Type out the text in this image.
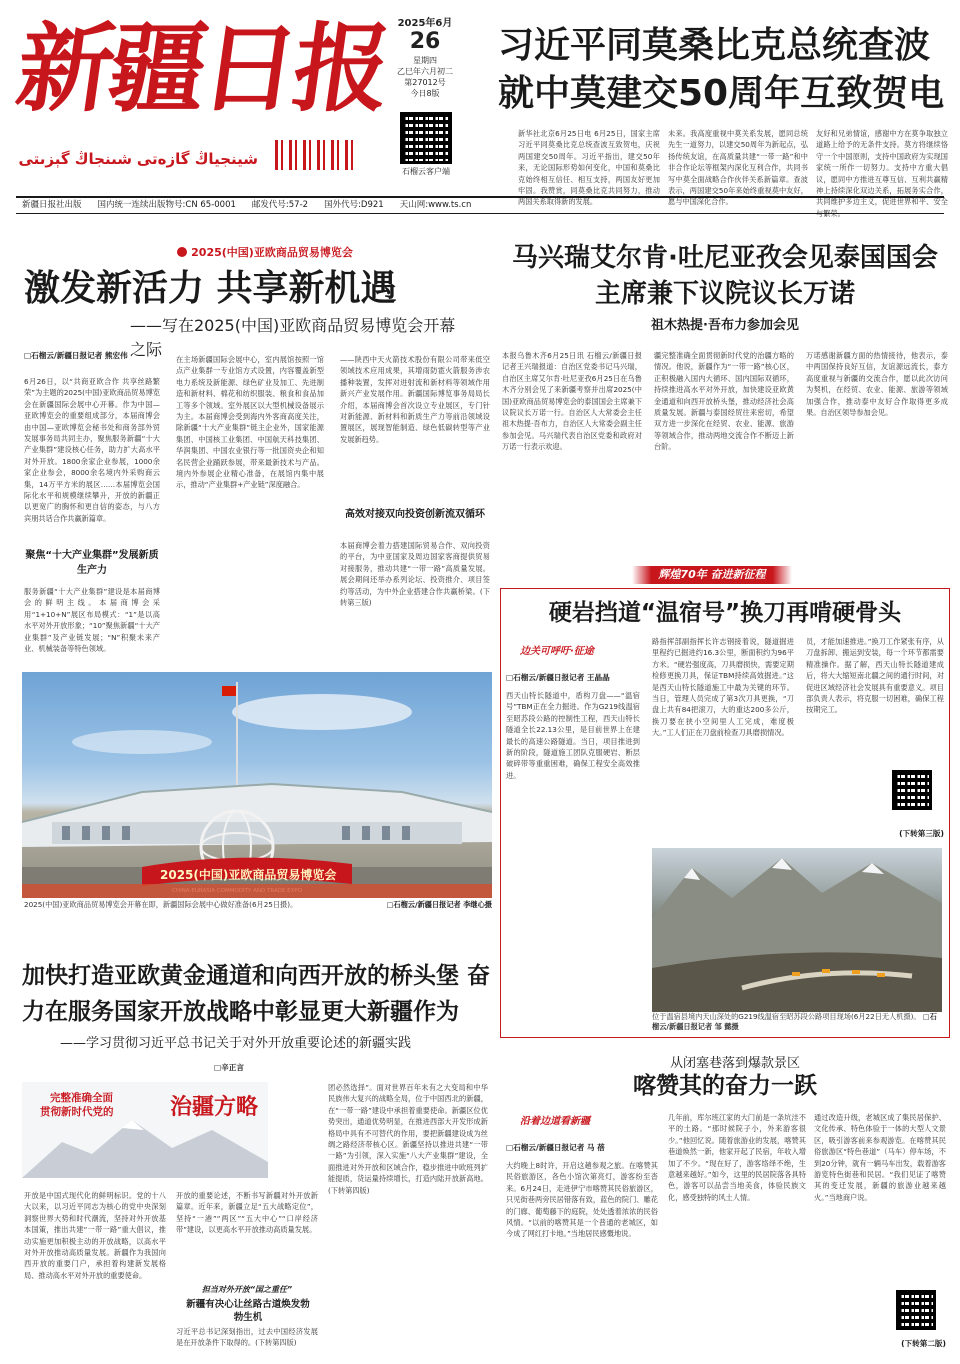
新疆日报
شىنجاڭ گېزىتى شينجياڭ گازەتى
2025年6月
26
星期四
乙巳年六月初二
第27012号
今日8版
石榴云客户端
习近平同莫桑比克总统查波就中莫建交50周年互致贺电
新华社北京6月25日电 6月25日，国家主席习近平同莫桑比克总统查波互致贺电，庆祝两国建交50周年。习近平指出，建交50年来，无论国际形势如何变化，中国和莫桑比克始终相互信任、相互支持，两国友好更加牢固。我赞赏，同莫桑比克共同努力，推动两国关系取得新的发展。
未来。我高度重视中莫关系发展，愿同总统先生一道努力，以建交50周年为新起点，弘扬传统友谊，在高质量共建“一带一路”和中非合作论坛等框架内深化互利合作，共同书写中莫全面战略合作伙伴关系新篇章。查波表示，两国建交50年来始终重视莫中友好，愿与中国深化合作。
友好和兄弟情谊，感谢中方在莫争取独立道路上给予的无条件支持。莫方将继续恪守一个中国原则，支持中国政府为实现国家统一所作一切努力。支持中方重大倡议，愿同中方推进互尊互信、互利共赢精神上持续深化双边关系，拓展务实合作，共同维护多边主义，促进世界和平、安全与繁荣。
新疆日报社出版 国内统一连续出版物号:CN 65-0001 邮发代号:57-2 国外代号:D921 天山网:www.ts.cn
2025(中国)亚欧商品贸易博览会
激发新活力 共享新机遇
——写在2025(中国)亚欧商品贸易博览会开幕之际
□石榴云/新疆日报记者 熊宏伟
6月26日，以“共商亚欧合作 共享丝路繁荣”为主题的2025(中国)亚欧商品贸易博览会在新疆国际会展中心开幕。作为中国—亚欧博览会的重要组成部分，本届商博会由中国—亚欧博览会秘书处和商务部外贸发展事务局共同主办，聚焦服务新疆“十大产业集群”建设核心任务，助力扩大高水平对外开放。1800余家企业参展，1000余家企业参会，8000余名境内外采购商云集，14万平方米的展区……本届博览会国际化水平和规模继续攀升，开放的新疆正以更宽广的胸怀和更自信的姿态，与八方宾朋共话合作共赢新篇章。
聚焦“十大产业集群”发展新质生产力
服务新疆“十大产业集群”建设是本届商博会的鲜明主线。本届商博会采用“1+10+N”展区布局模式：“1”是以高水平对外开放形象；“10”聚焦新疆“十大产业集群”及产业链发展；“N”积聚未来产业、机械装备等特色领域。
在主场新疆国际会展中心，室内展馆按照一馆点产业集群一专业馆方式设置，内容覆盖新型电力系统及新能源、绿色矿业及加工、先进制造和新材料、棉花和纺织服装、粮食和食品加工等多个领域。室外展区以大型机械设备展示为主。本届商博会受到海内外客商高度关注，除新疆“十大产业集群”链主企业外，国家能源集团、中国核工业集团、中国航天科技集团、华润集团、中国农业银行等一批国资央企和知名民营企业踊跃参展，带来最新技术与产品。境内外参展企业精心准备，在展馆内集中展示，推动“产业集群+产业链”深度融合。
——陕西中天火箭技术股份有限公司带来低空领域技术应用成果，其增雨防雹火箭服务涉农播种装置，发挥对进射流和新材料等领域作用新兴产业发展作用。新疆国际博览事务局局长介绍，本届商博会首次设立专业展区，专门针对新能源、新材料和新质生产力等前沿领域设置展区，展现智能制造、绿色低碳转型等产业发展新趋势。
高效对接双向投资创新流双循环
本届商博会着力搭建国际贸易合作、双向投资的平台，为中亚国家及周边国家客商提供贸易对接服务，推动共建“一带一路”高质量发展。展会期间还举办系列论坛、投资推介、项目签约等活动，为中外企业搭建合作共赢桥梁。(下转第三版)
2025(中国)亚欧商品贸易博览会
2025(中国)亚欧商品贸易博览会开幕在即，新疆国际会展中心做好准备(6月25日摄)。	□石榴云/新疆日报记者 李继心摄
加快打造亚欧黄金通道和向西开放的桥头堡 奋力在服务国家开放战略中彰显更大新疆作为
——学习贯彻习近平总书记关于对外开放重要论述的新疆实践
□辛正言
完整准确全面
贯彻新时代党的	治疆方略
开放是中国式现代化的鲜明标识。党的十八大以来，以习近平同志为核心的党中央深刻洞察世界大势和时代潮流，坚持对外开放基本国策，推出共建“一带一路”重大倡议，推动实施更加积极主动的开放战略，以高水平对外开放推动高质量发展。新疆作为我国向西开放的重要门户，承担着构建新发展格局、推动高水平对外开放的重要使命。
开放的重要论述，不断书写新疆对外开放新篇章。近年来，新疆立足“五大战略定位”，坚持“一港”“两区”“五大中心”“口岸经济带”建设，以更高水平开放推动高质量发展。
担当对外开放“国之重任”
新疆有决心让丝路古道焕发勃勃生机
习近平总书记深刻指出，过去中国经济发展是在开放条件下取得的。(下转第四版)
团必然选择”。面对世界百年未有之大变局和中华民族伟大复兴的战略全局，位于中国西北的新疆，在“一带一路”建设中承担着重要使命。新疆区位优势突出，通道优势明显，在推进西部大开发形成新格局中具有不可替代的作用，要把新疆建设成为丝绸之路经济带核心区。新疆坚持以推进共建“一带一路”为引领，深入实施“八大产业集群”建设，全面推进对外开放和区域合作，稳步推进中欧班列扩能提质，货运量持续增长，打造内陆开放新高地。(下转第四版)
马兴瑞艾尔肯·吐尼亚孜会见泰国国会主席兼下议院议长万诺
祖木热提·吾布力参加会见
本报乌鲁木齐6月25日讯 石榴云/新疆日报记者王兴瑞报道：自治区党委书记马兴瑞，自治区主席艾尔肯·吐尼亚孜6月25日在乌鲁木齐分别会见了来新疆考察并出席2025(中国)亚欧商品贸易博览会的泰国国会主席兼下议院议长万诺一行。自治区人大常委会主任祖木热提·吾布力，自治区人大常委会副主任参加会见。马兴瑞代表自治区党委和政府对万诺一行表示欢迎。
疆完整准确全面贯彻新时代党的治疆方略的情况。他说，新疆作为“一带一路”核心区，正积极融入国内大循环、国内国际双循环，持续推进高水平对外开放，加快建设亚欧黄金通道和向西开放桥头堡，推动经济社会高质量发展。新疆与泰国经贸往来密切，希望双方进一步深化在经贸、农业、能源、旅游等领域合作，推动两地交流合作不断迈上新台阶。
万诺感谢新疆方面的热情接待，他表示，泰中两国保持良好互信，友谊源远流长，泰方高度重视与新疆的交流合作，愿以此次访问为契机，在经贸、农业、能源、旅游等领域加强合作，推动泰中友好合作取得更多成果。自治区领导参加会见。
辉煌70年 奋进新征程
硬岩挡道“温宿号”换刀再啃硬骨头
边关可呼吁·征途
□石榴云/新疆日报记者 王晶晶
西天山特长隧道中，盾构刀盘——“温宿号”TBM正在全力掘进。作为G219线温宿至昭苏段公路的控制性工程，西天山特长隧道全长22.13公里，是目前世界上在建最长的高速公路隧道。当日，项目推进到新的阶段，隧道施工团队克服硬岩、断层破碎带等重重困难，确保工程安全高效推进。
路指挥部副指挥长许志钢接着说，隧道掘进里程约已掘进约16.3公里，断面积约为96平方米。“硬岩强度高，刀具磨损快，需要定期检修更换刀具，保证TBM持续高效掘进。”这是西天山特长隧道施工中最为关键的环节。当日，管理人员完成了第3次刀具更换，“刀盘上共有84把滚刀，大的重达200多公斤，换刀要在狭小空间里人工完成，难度极大。”工人们正在刀盘前检查刀具磨损情况。
员，才能加速推进。”换刀工作紧张有序，从刀盘拆卸、搬运到安装，每一个环节都需要精准操作。据了解，西天山特长隧道建成后，将大大缩短南北疆之间的通行时间，对促进区域经济社会发展具有重要意义。项目部负责人表示，将克服一切困难，确保工程按期完工。
(下转第三版)
位于温宿县境内天山深处的G219线温宿至昭苏段公路项目现场(6月22日无人机摄)。 □石榴云/新疆日报记者 邹 懿摄
从闭塞巷落到爆款景区
喀赞其的奋力一跃
沿着边道看新疆
□石榴云/新疆日报记者 马 蓓
大约晚上8时许，开启这趟参观之旅。在喀赞其民俗旅游区，各色小馆次第亮灯，游客纷至沓来。6月24日，走进伊宁市喀赞其民俗旅游区，只见街巷两旁民居错落有致，蓝色的院门、雕花的门廊、葡萄藤下的庭院，处处透着浓浓的民俗风情。“以前的喀赞其是一个普通的老城区，如今成了网红打卡地。”当地居民感慨地说。
几年前，库尔班江家的大门前是一条坑洼不平的土路。“那时候院子小，外来游客很少。”他回忆说。随着旅游业的发展，喀赞其巷道焕然一新，他家开起了民宿，年收入增加了不少。“现在好了，游客络绎不绝，生意越来越好。”如今，这里的民居院落各具特色，游客可以品尝当地美食，体验民族文化，感受独特的风土人情。
通过改造升级，老城区成了集民居保护、文化传承、特色体验于一体的大型人文景区，吸引游客前来参观游览。在喀赞其民俗旅游区“特色巷道”（马车）停车场，不到20分钟，就有一辆马车出发，载着游客游览特色街巷和民居。“我们见证了喀赞其的变迁发展，新疆的旅游业越来越火。”当地商户说。
(下转第二版)
